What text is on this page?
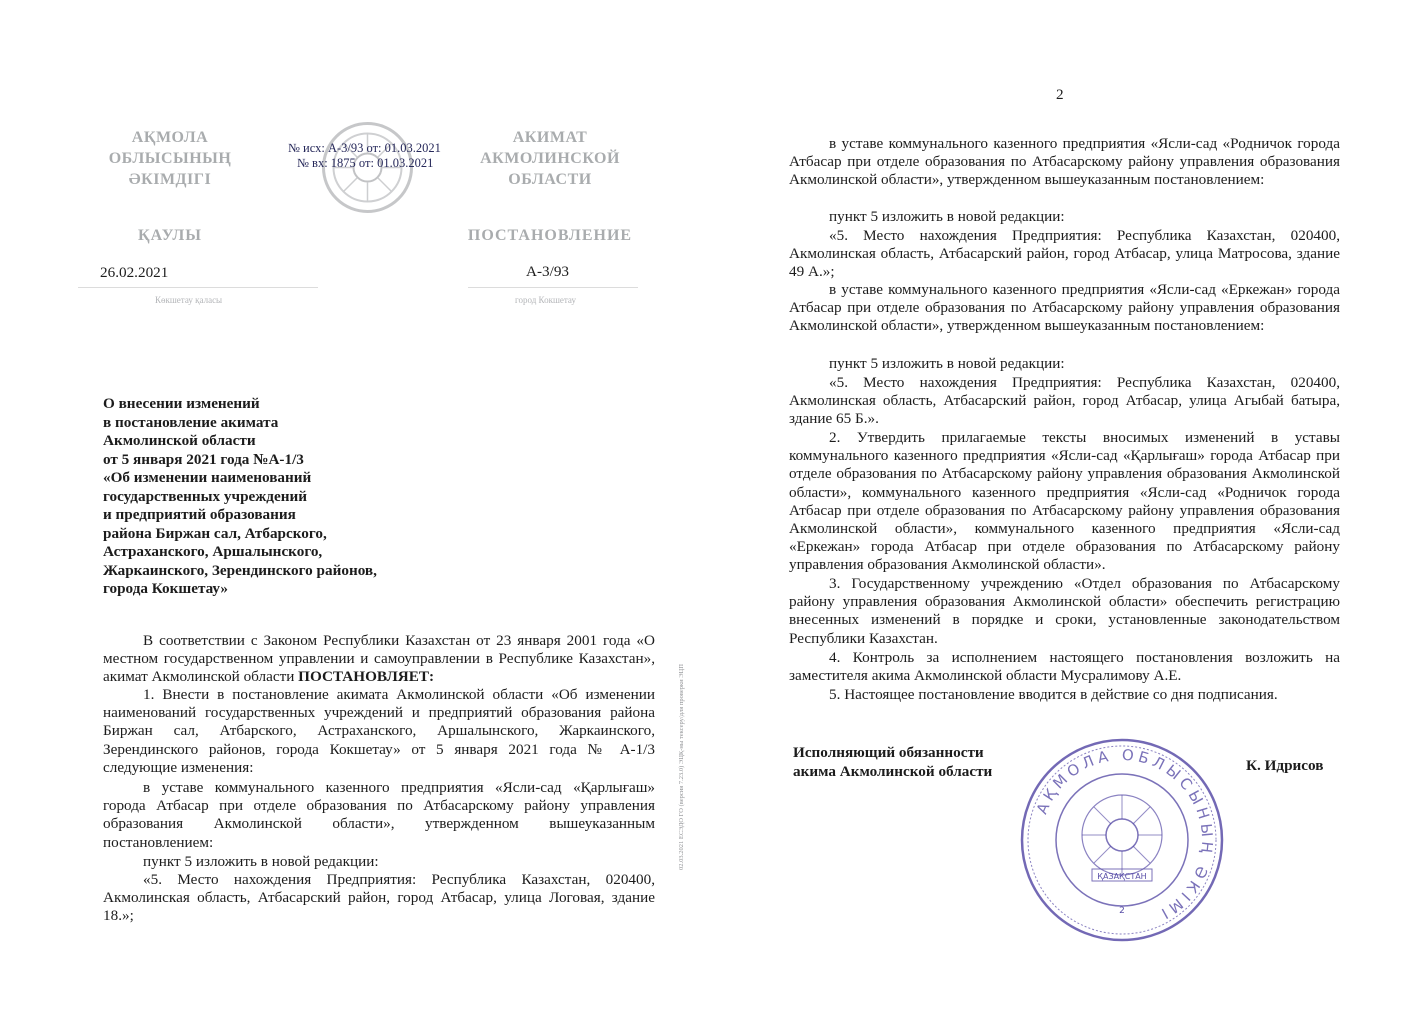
АҚМОЛА
ОБЛЫСЫНЫҢ
ӘКІМДІГІ
АКИМАТ
АКМОЛИНСКОЙ
ОБЛАСТИ
№ исх: А-3/93 от: 01.03.2021
№ вх: 1875 от: 01.03.2021
ҚАУЛЫ	ПОСТАНОВЛЕНИЕ
26.02.2021	А-3/93
Көкшетау қаласы	город Кокшетау
О внесении изменений
в постановление акимата
Акмолинской области
от 5 января 2021 года №А-1/3
«Об изменении наименований
государственных учреждений
и предприятий образования
района Биржан сал, Атбарского,
Астраханского, Аршалынского,
Жаркаинского, Зерендинского районов,
города Кокшетау»
В соответствии с Законом Республики Казахстан от 23 января 2001 года «О местном государственном управлении и самоуправлении в Республике Казахстан», акимат Акмолинской области ПОСТАНОВЛЯЕТ:
1. Внести в постановление акимата Акмолинской области «Об изменении наименований государственных учреждений и предприятий образования района Биржан сал, Атбарского, Астраханского, Аршалынского, Жаркаинского, Зерендинского районов, города Кокшетау» от 5 января 2021 года № А-1/3 следующие изменения:
в уставе коммунального казенного предприятия «Ясли-сад «Қарлығаш» города Атбасар при отделе образования по Атбасарскому району управления образования Акмолинской области», утвержденном вышеуказанным постановлением:
пункт 5 изложить в новой редакции:
«5. Место нахождения Предприятия: Республика Казахстан, 020400, Акмолинская область, Атбасарский район, город Атбасар, улица Логовая, здание 18.»;
02.03.2021 ЕСЭДО ГО (версия 7.23.0) ЭЦҚ-ны тексеру/для проверки ЭЦП
2
в уставе коммунального казенного предприятия «Ясли-сад «Родничок города Атбасар при отделе образования по Атбасарскому району управления образования Акмолинской области», утвержденном вышеуказанным постановлением:
пункт 5 изложить в новой редакции:
«5. Место нахождения Предприятия: Республика Казахстан, 020400, Акмолинская область, Атбасарский район, город Атбасар, улица Матросова, здание 49 А.»;
в уставе коммунального казенного предприятия «Ясли-сад «Еркежан» города Атбасар при отделе образования по Атбасарскому району управления образования Акмолинской области», утвержденном вышеуказанным постановлением:
пункт 5 изложить в новой редакции:
«5. Место нахождения Предприятия: Республика Казахстан, 020400, Акмолинская область, Атбасарский район, город Атбасар, улица Агыбай батыра, здание 65 Б.».
2. Утвердить прилагаемые тексты вносимых изменений в уставы коммунального казенного предприятия «Ясли-сад «Қарлығаш» города Атбасар при отделе образования по Атбасарскому району управления образования Акмолинской области», коммунального казенного предприятия «Ясли-сад «Родничок города Атбасар при отделе образования по Атбасарскому району управления образования Акмолинской области», коммунального казенного предприятия «Ясли-сад «Еркежан» города Атбасар при отделе образования по Атбасарскому району управления образования Акмолинской области».
3. Государственному учреждению «Отдел образования по Атбасарскому району управления образования Акмолинской области» обеспечить регистрацию внесенных изменений в порядке и сроки, установленные законодательством Республики Казахстан.
4. Контроль за исполнением настоящего постановления возложить на заместителя акима Акмолинской области Мусралимову А.Е.
5. Настоящее постановление вводится в действие со дня подписания.
Исполняющий обязанности
акима Акмолинской области	К. Идрисов
АҚМОЛА ОБЛЫСЫНЫҢ ӘКІМІ
ҚАЗАҚСТАН
2
